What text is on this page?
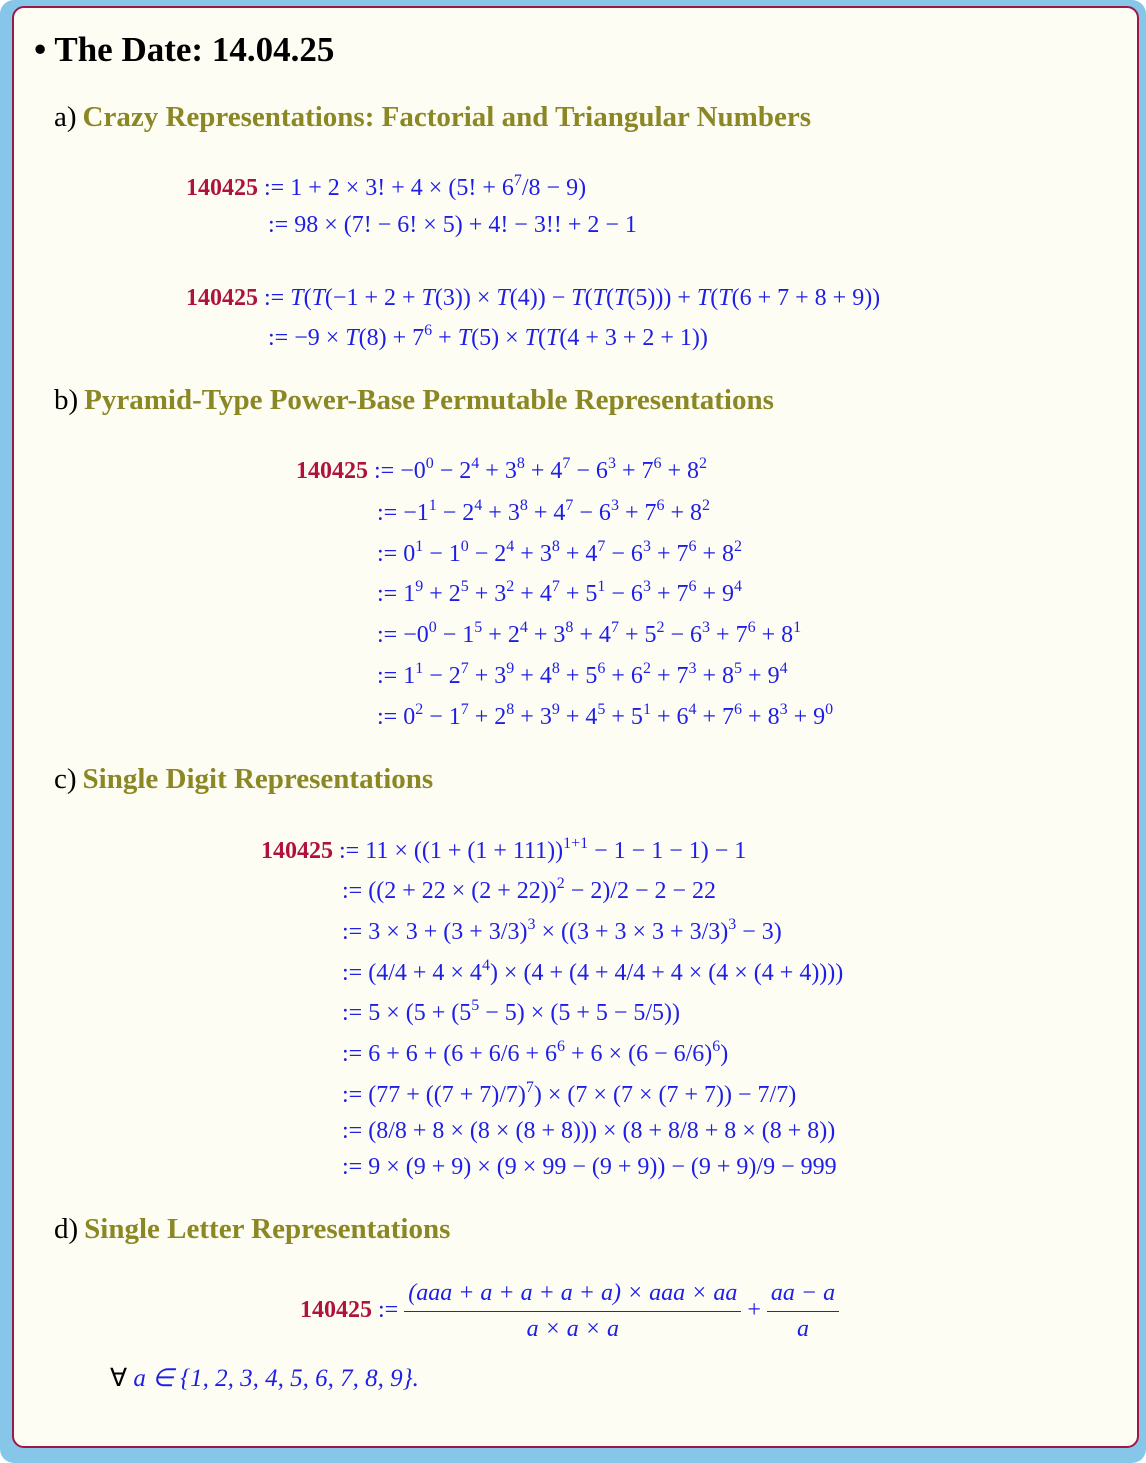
• The Date: 14.04.25
a) Crazy Representations: Factorial and Triangular Numbers
140425 := 1 + 2 × 3! + 4 × (5! + $6^7/8 - 9$)
:= 98 × (7! − 6! × 5) + 4! − 3!! + 2 − 1
140425 := T(T(−1 + 2 + T(3)) × T(4)) − T(T(T(5))) + T(T(6 + 7 + 8 + 9))
:= $-9 \times T(8) + 7^6 + T(5) \times T(T(4 + 3 + 2 + 1))$
b) Pyramid-Type Power-Base Permutable Representations
140425 := $-0^0 - 2^4 + 3^8 + 4^7 - 6^3 + 7^6 + 8^2$
:= $-1^1 - 2^4 + 3^8 + 4^7 - 6^3 + 7^6 + 8^2$
:= $0^1 - 1^0 - 2^4 + 3^8 + 4^7 - 6^3 + 7^6 + 8^2$
:= $1^9 + 2^5 + 3^2 + 4^7 + 5^1 - 6^3 + 7^6 + 9^4$
:= $-0^0 - 1^5 + 2^4 + 3^8 + 4^7 + 5^2 - 6^3 + 7^6 + 8^1$
:= $1^1 - 2^7 + 3^9 + 4^8 + 5^6 + 6^2 + 7^3 + 8^5 + 9^4$
:= $0^2 - 1^7 + 2^8 + 3^9 + 4^5 + 5^1 + 6^4 + 7^6 + 8^3 + 9^0$
c) Single Digit Representations
140425 := $11 \times ((1 + (1 + 111))^{1+1} - 1 - 1 - 1) - 1$
:= $((2 + 22 \times (2 + 22))^2 - 2)/2 - 2 - 22$
:= $3 \times 3 + (3 + 3/3)^3 \times ((3 + 3 \times 3 + 3/3)^3 - 3)$
:= $(4/4 + 4 \times 4^4) \times (4 + (4 + 4/4 + 4 \times (4 \times (4 + 4))))$
:= $5 \times (5 + (5^5 - 5) \times (5 + 5 - 5/5))$
:= $6 + 6 + (6 + 6/6 + 6^6 + 6 \times (6 - 6/6)^6)$
:= $(77 + ((7 + 7)/7)^7) \times (7 \times (7 \times (7 + 7)) - 7/7)$
:= (8/8 + 8 × (8 × (8 + 8))) × (8 + 8/8 + 8 × (8 + 8))
:= 9 × (9 + 9) × (9 × 99 − (9 + 9)) − (9 + 9)/9 − 999
d) Single Letter Representations
140425 :=
(aaa + a + a + a + a) × aaa × aa
a × a × a
+ $\frac{aa - a}{a}$
∀ a ∈ {1, 2, 3, 4, 5, 6, 7, 8, 9}.
